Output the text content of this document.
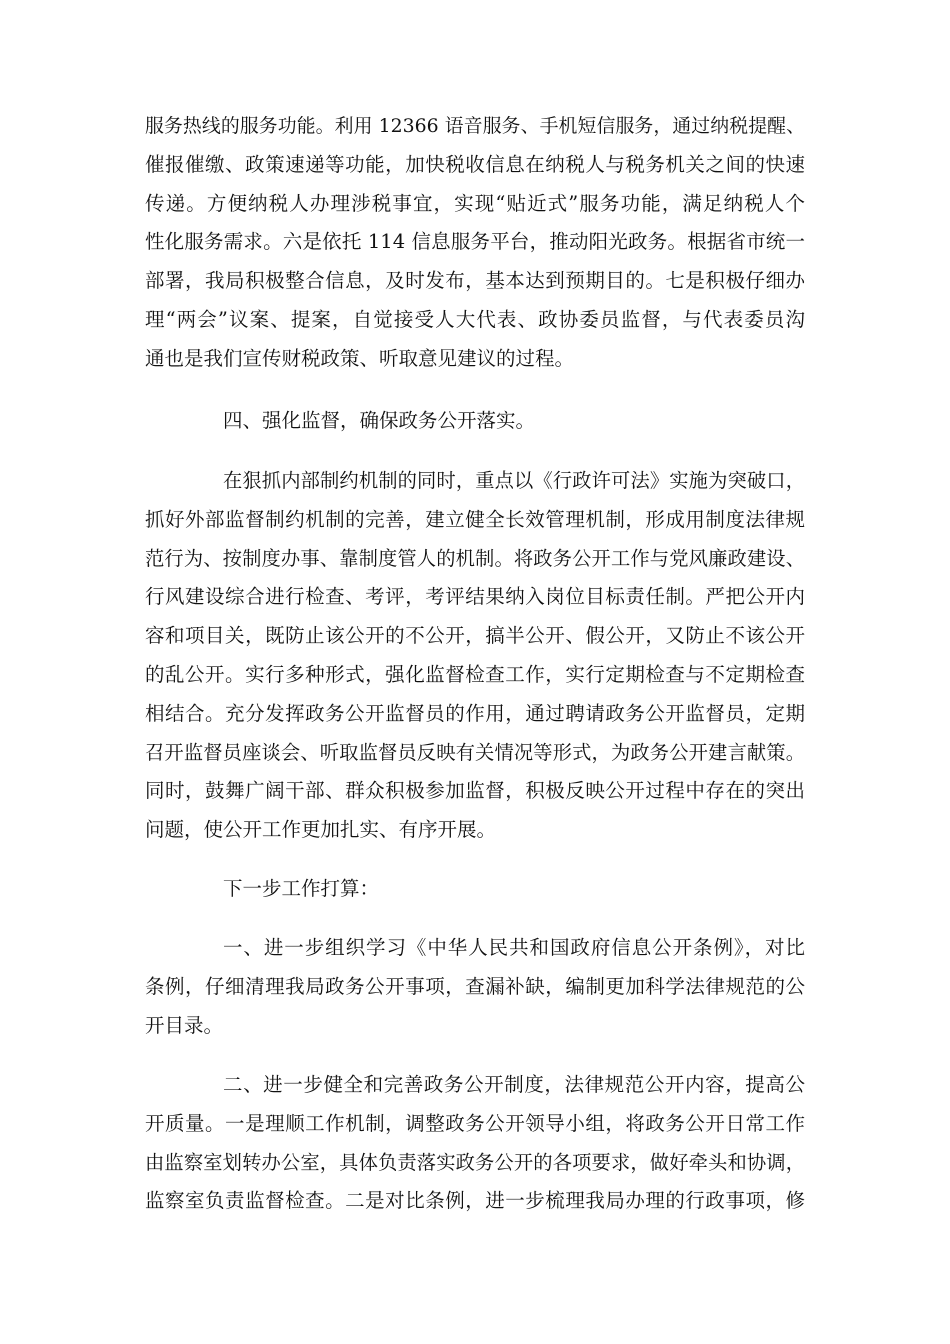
服务热线的服务功能。利用 12366 语音服务、手机短信服务，通过纳税提醒、
催报催缴、政策速递等功能，加快税收信息在纳税人与税务机关之间的快速
传递。方便纳税人办理涉税事宜，实现“贴近式”服务功能，满足纳税人个
性化服务需求。六是依托 114 信息服务平台，推动阳光政务。根据省市统一
部署，我局积极整合信息，及时发布，基本达到预期目的。七是积极仔细办
理“两会”议案、提案，自觉接受人大代表、政协委员监督，与代表委员沟
通也是我们宣传财税政策、听取意见建议的过程。
四、强化监督，确保政务公开落实。
在狠抓内部制约机制的同时，重点以《行政许可法》实施为突破口，
抓好外部监督制约机制的完善，建立健全长效管理机制，形成用制度法律规
范行为、按制度办事、靠制度管人的机制。将政务公开工作与党风廉政建设、
行风建设综合进行检查、考评，考评结果纳入岗位目标责任制。严把公开内
容和项目关，既防止该公开的不公开，搞半公开、假公开，又防止不该公开
的乱公开。实行多种形式，强化监督检查工作，实行定期检查与不定期检查
相结合。充分发挥政务公开监督员的作用，通过聘请政务公开监督员，定期
召开监督员座谈会、听取监督员反映有关情况等形式，为政务公开建言献策。
同时，鼓舞广阔干部、群众积极参加监督，积极反映公开过程中存在的突出
问题，使公开工作更加扎实、有序开展。
下一步工作打算：
一、进一步组织学习《中华人民共和国政府信息公开条例》，对比
条例，仔细清理我局政务公开事项，查漏补缺，编制更加科学法律规范的公
开目录。
二、进一步健全和完善政务公开制度，法律规范公开内容，提高公
开质量。一是理顺工作机制，调整政务公开领导小组，将政务公开日常工作
由监察室划转办公室，具体负责落实政务公开的各项要求，做好牵头和协调，
监察室负责监督检查。二是对比条例，进一步梳理我局办理的行政事项，修
